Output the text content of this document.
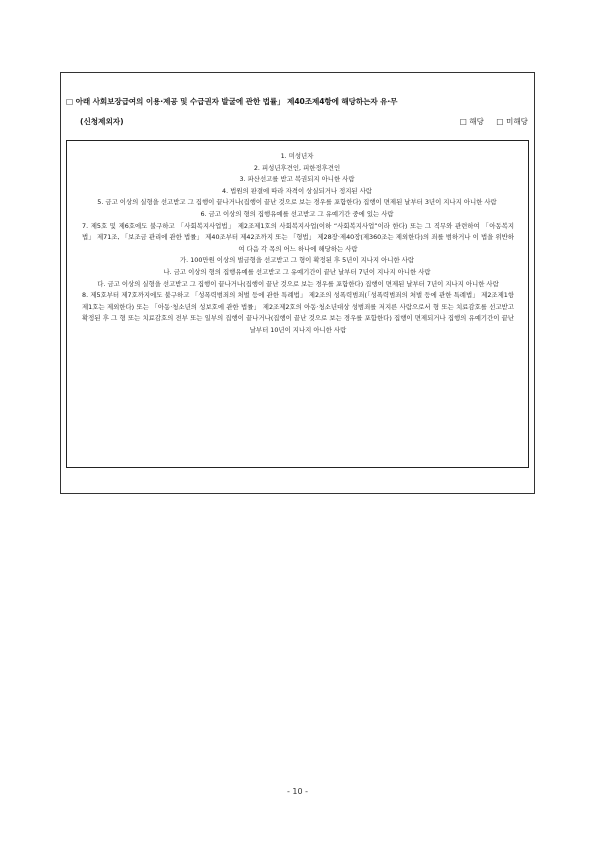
□ 아래 사회보장급여의 이용·제공 및 수급권자 발굴에 관한 법률」 제40조제4항에 해당하는자 유·무
(신청제외자)	□ 해당 □ 미해당

1. 미성년자

2. 피성년후견인, 피한정후견인

3. 파산선고를 받고 복권되지 아니한 사람

4. 법원의 판결에 따라 자격이 상실되거나 정지된 사람

5. 금고 이상의 실형을 선고받고 그 집행이 끝나거나(집행이 끝난 것으로 보는 경우를 포함한다) 집행이 면제된 날부터 3년이 지나지 아니한 사람

6. 금고 이상의 형의 집행유예를 선고받고 그 유예기간 중에 있는 사람

7. 제5호 및 제6호에도 불구하고 「사회복지사업법」 제2조제1호의 사회복지사업(이하 “사회복지사업”이라 한다) 또는 그 직무와 관련하여 「아동복지법」 제71조, 「보조금 관리에 관한 법률」 제40조부터 제42조까지 또는 「형법」 제28장·제40장(제360조는 제외한다)의 죄를 범하거나 이 법을 위반하여 다음 각 목의 어느 하나에 해당하는 사람

가. 100만원 이상의 벌금형을 선고받고 그 형이 확정된 후 5년이 지나지 아니한 사람

나. 금고 이상의 형의 집행유예를 선고받고 그 유예기간이 끝난 날부터 7년이 지나지 아니한 사람

다. 금고 이상의 실형을 선고받고 그 집행이 끝나거나(집행이 끝난 것으로 보는 경우를 포함한다) 집행이 면제된 날부터 7년이 지나지 아니한 사람

8. 제5호부터 제7호까지에도 불구하고 「성폭력범죄의 처벌 등에 관한 특례법」 제2조의 성폭력범죄(「성폭력범죄의 처벌 등에 관한 특례법」 제2조제1항 제1호는 제외한다) 또는 「아동·청소년의 성보호에 관한 법률」 제2조제2호의 아동·청소년대상 성범죄를 저지른 사람으로서 형 또는 치료감호를 선고받고 확정된 후 그 형 또는 치료감호의 전부 또는 일부의 집행이 끝나거나(집행이 끝난 것으로 보는 경우를 포함한다) 집행이 면제되거나 집행의 유예기간이 끝난 날부터 10년이 지나지 아니한 사람

- 10 -
